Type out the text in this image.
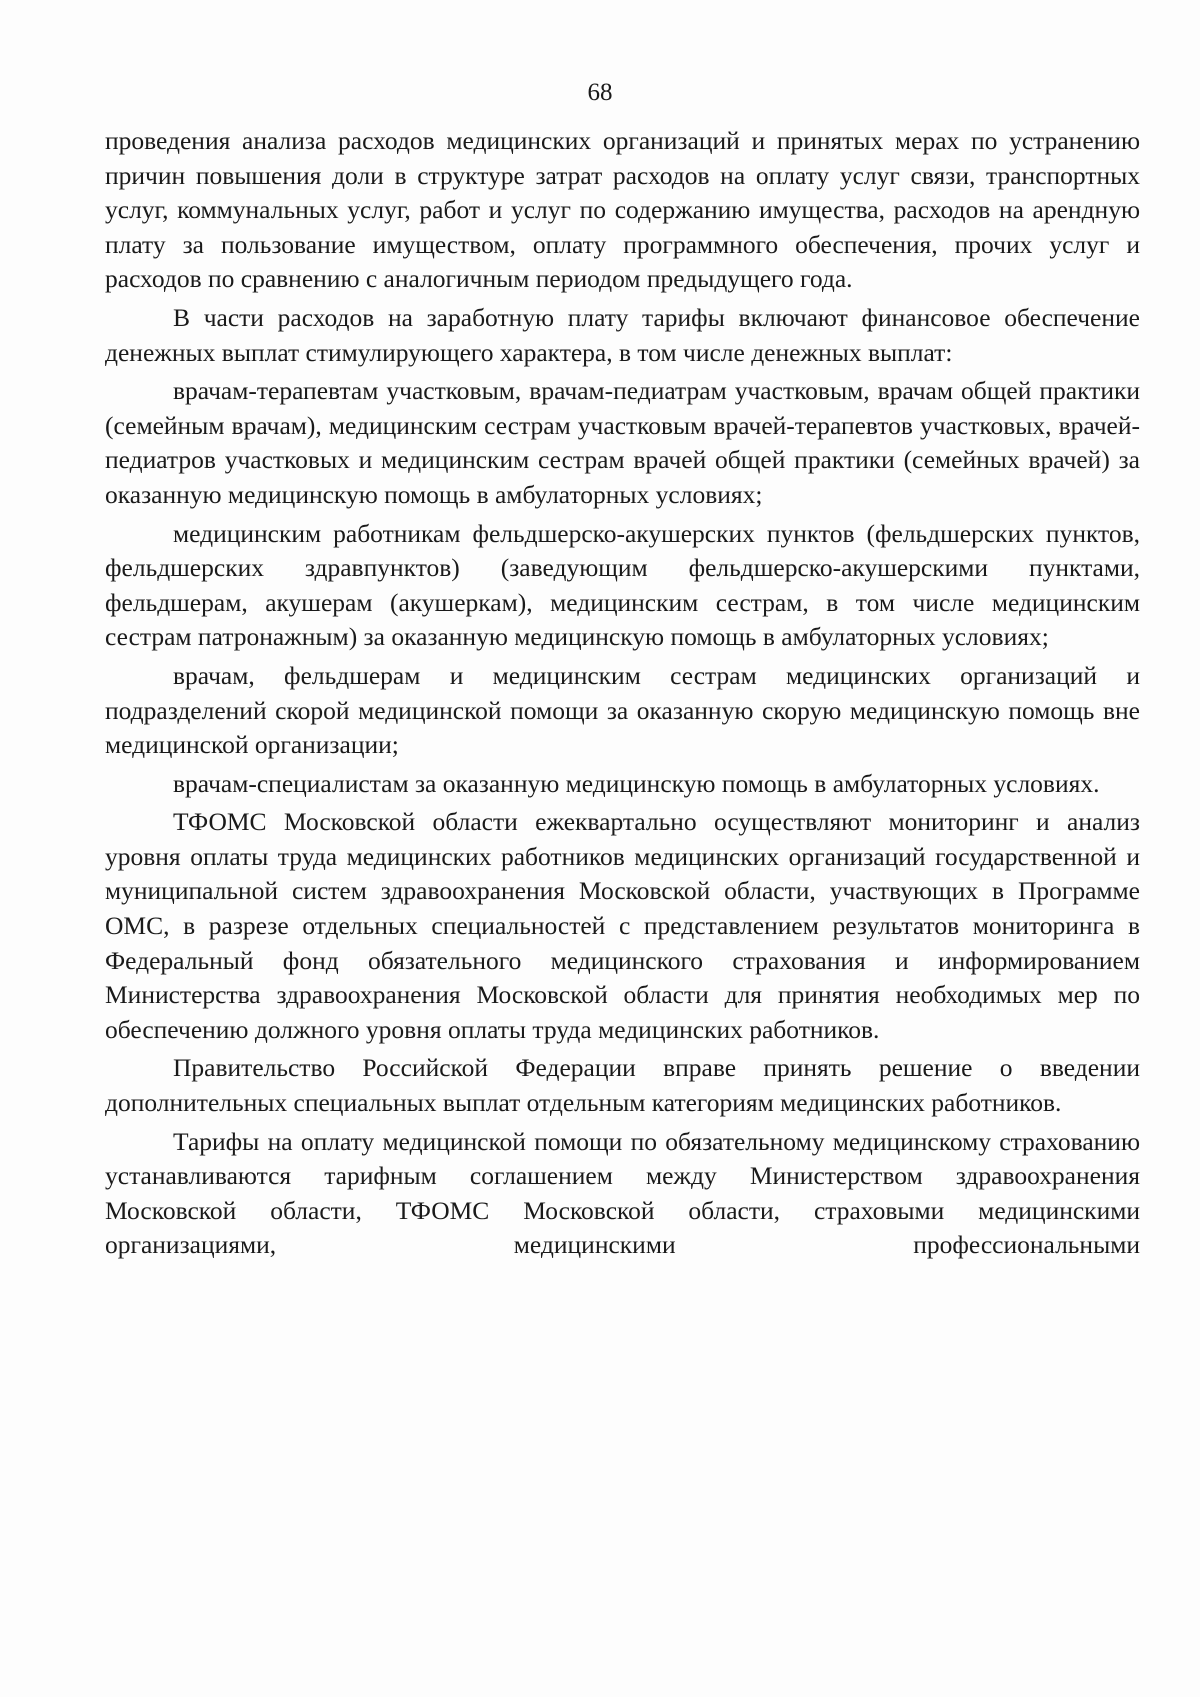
68

проведения анализа расходов медицинских организаций и принятых мерах по устранению причин повышения доли в структуре затрат расходов на оплату услуг связи, транспортных услуг, коммунальных услуг, работ и услуг по содержанию имущества, расходов на арендную плату за пользование имуществом, оплату программного обеспечения, прочих услуг и расходов по сравнению с аналогичным периодом предыдущего года.

В части расходов на заработную плату тарифы включают финансовое обеспечение денежных выплат стимулирующего характера, в том числе денежных выплат:

врачам-терапевтам участковым, врачам-педиатрам участковым, врачам общей практики (семейным врачам), медицинским сестрам участковым врачей-терапевтов участковых, врачей-педиатров участковых и медицинским сестрам врачей общей практики (семейных врачей) за оказанную медицинскую помощь в амбулаторных условиях;

медицинским работникам фельдшерско-акушерских пунктов (фельдшерских пунктов, фельдшерских здравпунктов) (заведующим фельдшерско-акушерскими пунктами, фельдшерам, акушерам (акушеркам), медицинским сестрам, в том числе медицинским сестрам патронажным) за оказанную медицинскую помощь в амбулаторных условиях;

врачам, фельдшерам и медицинским сестрам медицинских организаций и подразделений скорой медицинской помощи за оказанную скорую медицинскую помощь вне медицинской организации;

врачам-специалистам за оказанную медицинскую помощь в амбулаторных условиях.

ТФОМС Московской области ежеквартально осуществляют мониторинг и анализ уровня оплаты труда медицинских работников медицинских организаций государственной и муниципальной систем здравоохранения Московской области, участвующих в Программе ОМС, в разрезе отдельных специальностей с представлением результатов мониторинга в Федеральный фонд обязательного медицинского страхования и информированием Министерства здравоохранения Московской области для принятия необходимых мер по обеспечению должного уровня оплаты труда медицинских работников.

Правительство Российской Федерации вправе принять решение о введении дополнительных специальных выплат отдельным категориям медицинских работников.

Тарифы на оплату медицинской помощи по обязательному медицинскому страхованию устанавливаются тарифным соглашением между Министерством здравоохранения Московской области, ТФОМС Московской области, страховыми медицинскими организациями, медицинскими профессиональными
